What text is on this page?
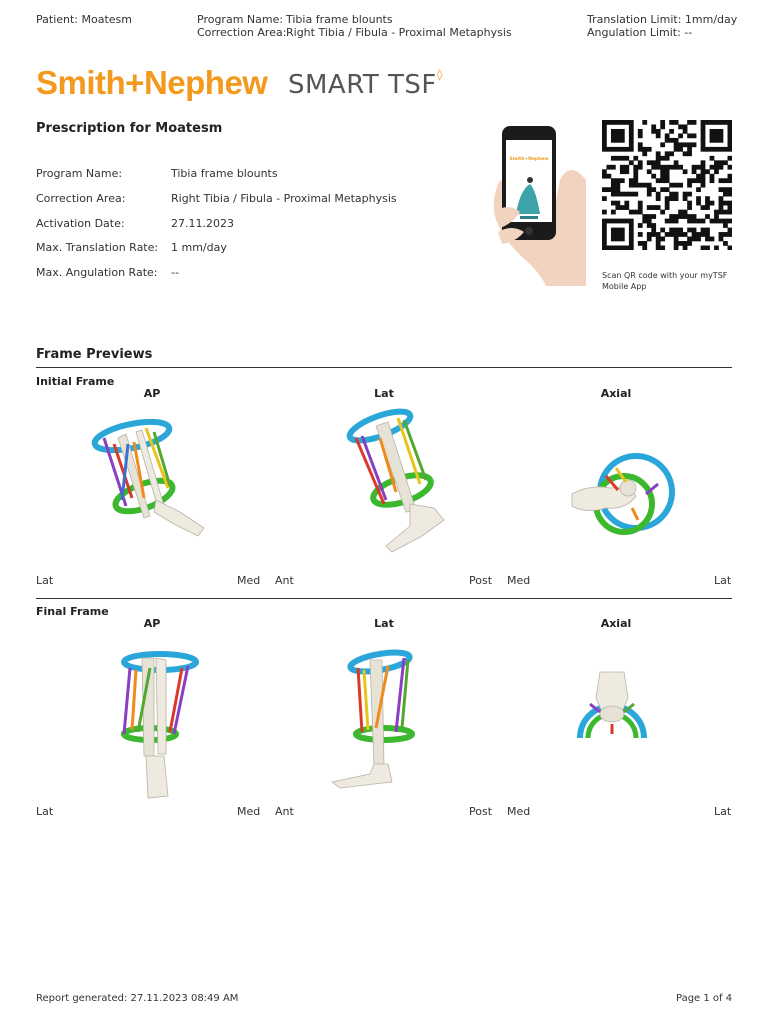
Patient: Moatesm	Program Name: Tibia frame blounts
Correction Area: Right Tibia / Fibula - Proximal Metaphysis
Translation Limit: 1mm/day
Angulation Limit: --
Smith+Nephew SMART TSF◊
Prescription for Moatesm
Program Name:	Tibia frame blounts
Correction Area:	Right Tibia / Fibula - Proximal Metaphysis
Activation Date:	27.11.2023
Max. Translation Rate: 1 mm/day
Max. Angulation Rate: --
Smith+Nephew
Scan QR code with your myTSF Mobile App
Frame Previews
Initial Frame
AP	Lat	Axial
Lat	Med Ant	Post Med	Lat
Final Frame
AP	Lat	Axial
Lat	Med Ant	Post Med	Lat
Report generated: 27.11.2023 08:49 AM	Page 1 of 4
